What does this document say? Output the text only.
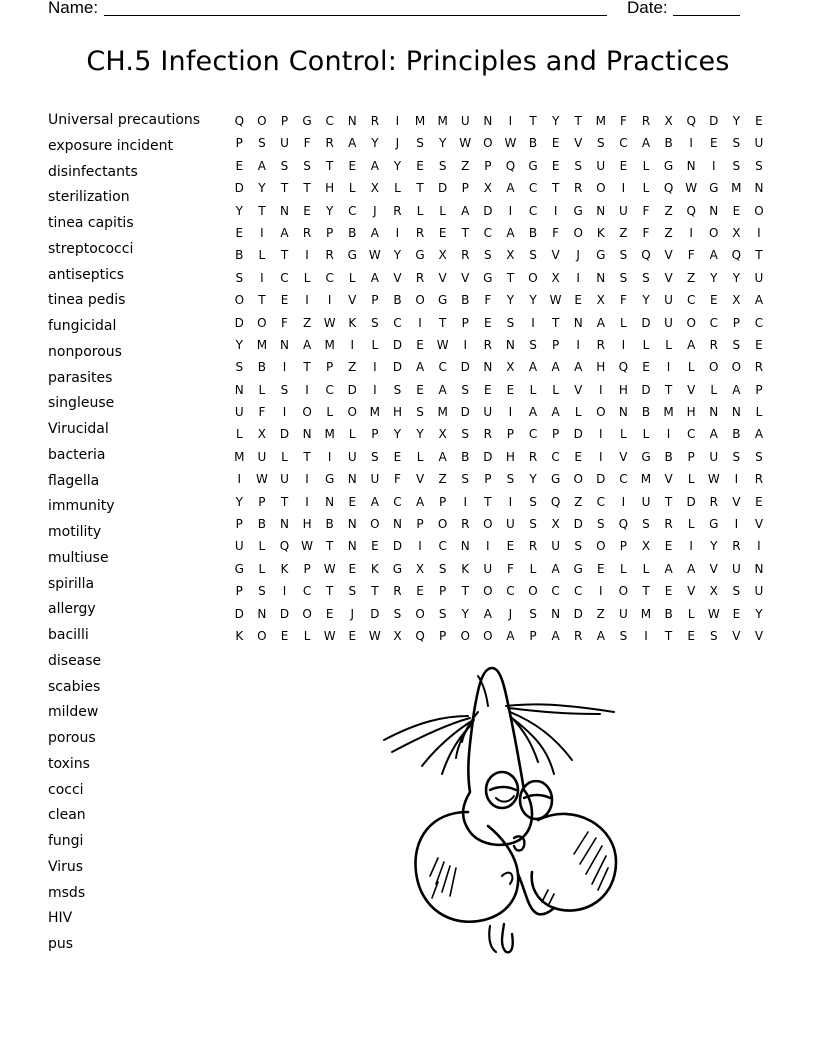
Name:	Date:
CH.5 Infection Control: Principles and Practices
Universal precautions
exposure incident
disinfectants
sterilization
tinea capitis
streptococci
antiseptics
tinea pedis
fungicidal
nonporous
parasites
singleuse
Virucidal
bacteria
flagella
immunity
motility
multiuse
spirilla
allergy
bacilli
disease
scabies
mildew
porous
toxins
cocci
clean
fungi
Virus
msds
HIV
pus
Q	O	P	G	C	N	R	I	M	M	U	N	I	T	Y	T	M	F	R	X	Q	D	Y	E
P	S	U	F	R	A	Y	J	S	Y	W O W	B	E	V	S	C	A	B	I	E	S	U
E	A	S	S	T	E	A	Y	E	S	Z	P	Q	G	E	S	U	E	L	G	N	I	S	S
D	Y	T	T	H	L	X	L	T	D	P	X	A	C	T	R	O	I	L	Q W	G	M	N
Y	T	N	E	Y	C	J	R	L	L	A	D	I	C	I	G	N	U	F	Z	Q	N	E	O
E	I	A	R	P	B	A	I	R	E	T	C	A	B	F	O	K	Z	F	Z	I	O	X	I
B	L	T	I	R	G	W	Y	G	X	R	S	X	S	V	J	G	S	Q	V	F	A	Q	T
S	I	C	L	C	L	A	V	R	V	V	G	T	O	X	I	N	S	S	V	Z	Y	Y	U
O	T	E	I	I	V	P	B	O	G	B	F	Y	Y	W	E	X	F	Y	U	C	E	X	A
D	O	F	Z	W	K	S	C	I	T	P	E	S	I	T	N	A	L	D	U	O	C	P	C
Y	M	N	A	M	I	L	D	E	W	I	R	N	S	P	I	R	I	L	L	A	R	S	E
S	B	I	T	P	Z	I	D	A	C	D	N	X	A	A	A	H	Q	E	I	L	O	O	R
N	L	S	I	C	D	I	S	E	A	S	E	E	L	L	V	I	H	D	T	V	L	A	P
U	F	I	O	L	O	M	H	S	M	D	U	I	A	A	L	O	N	B	M	H	N	N	L
L	X	D	N	M	L	P	Y	Y	X	S	R	P	C	P	D	I	L	L	I	C	A	B	A
M	U	L	T	I	U	S	E	L	A	B	D	H	R	C	E	I	V	G	B	P	U	S	S
I	W	U	I	G	N	U	F	V	Z	S	P	S	Y	G	O	D	C	M	V	L	W	I	R
Y	P	T	I	N	E	A	C	A	P	I	T	I	S	Q	Z	C	I	U	T	D	R	V	E
P	B	N	H	B	N	O	N	P	O	R	O	U	S	X	D	S	Q	S	R	L	G	I	V
U	L	Q W	T	N	E	D	I	C	N	I	E	R	U	S	O	P	X	E	I	Y	R	I
G	L	K	P	W	E	K	G	X	S	K	U	F	L	A	G	E	L	L	A	A	V	U	N
P	S	I	C	T	S	T	R	E	P	T	O	C	O	C	C	I	O	T	E	V	X	S	U
D	N	D	O	E	J	D	S	O	S	Y	A	J	S	N	D	Z	U	M	B	L	W	E	Y
K	O	E	L	W	E	W	X	Q	P	O	O	A	P	A	R	A	S	I	T	E	S	V	V
